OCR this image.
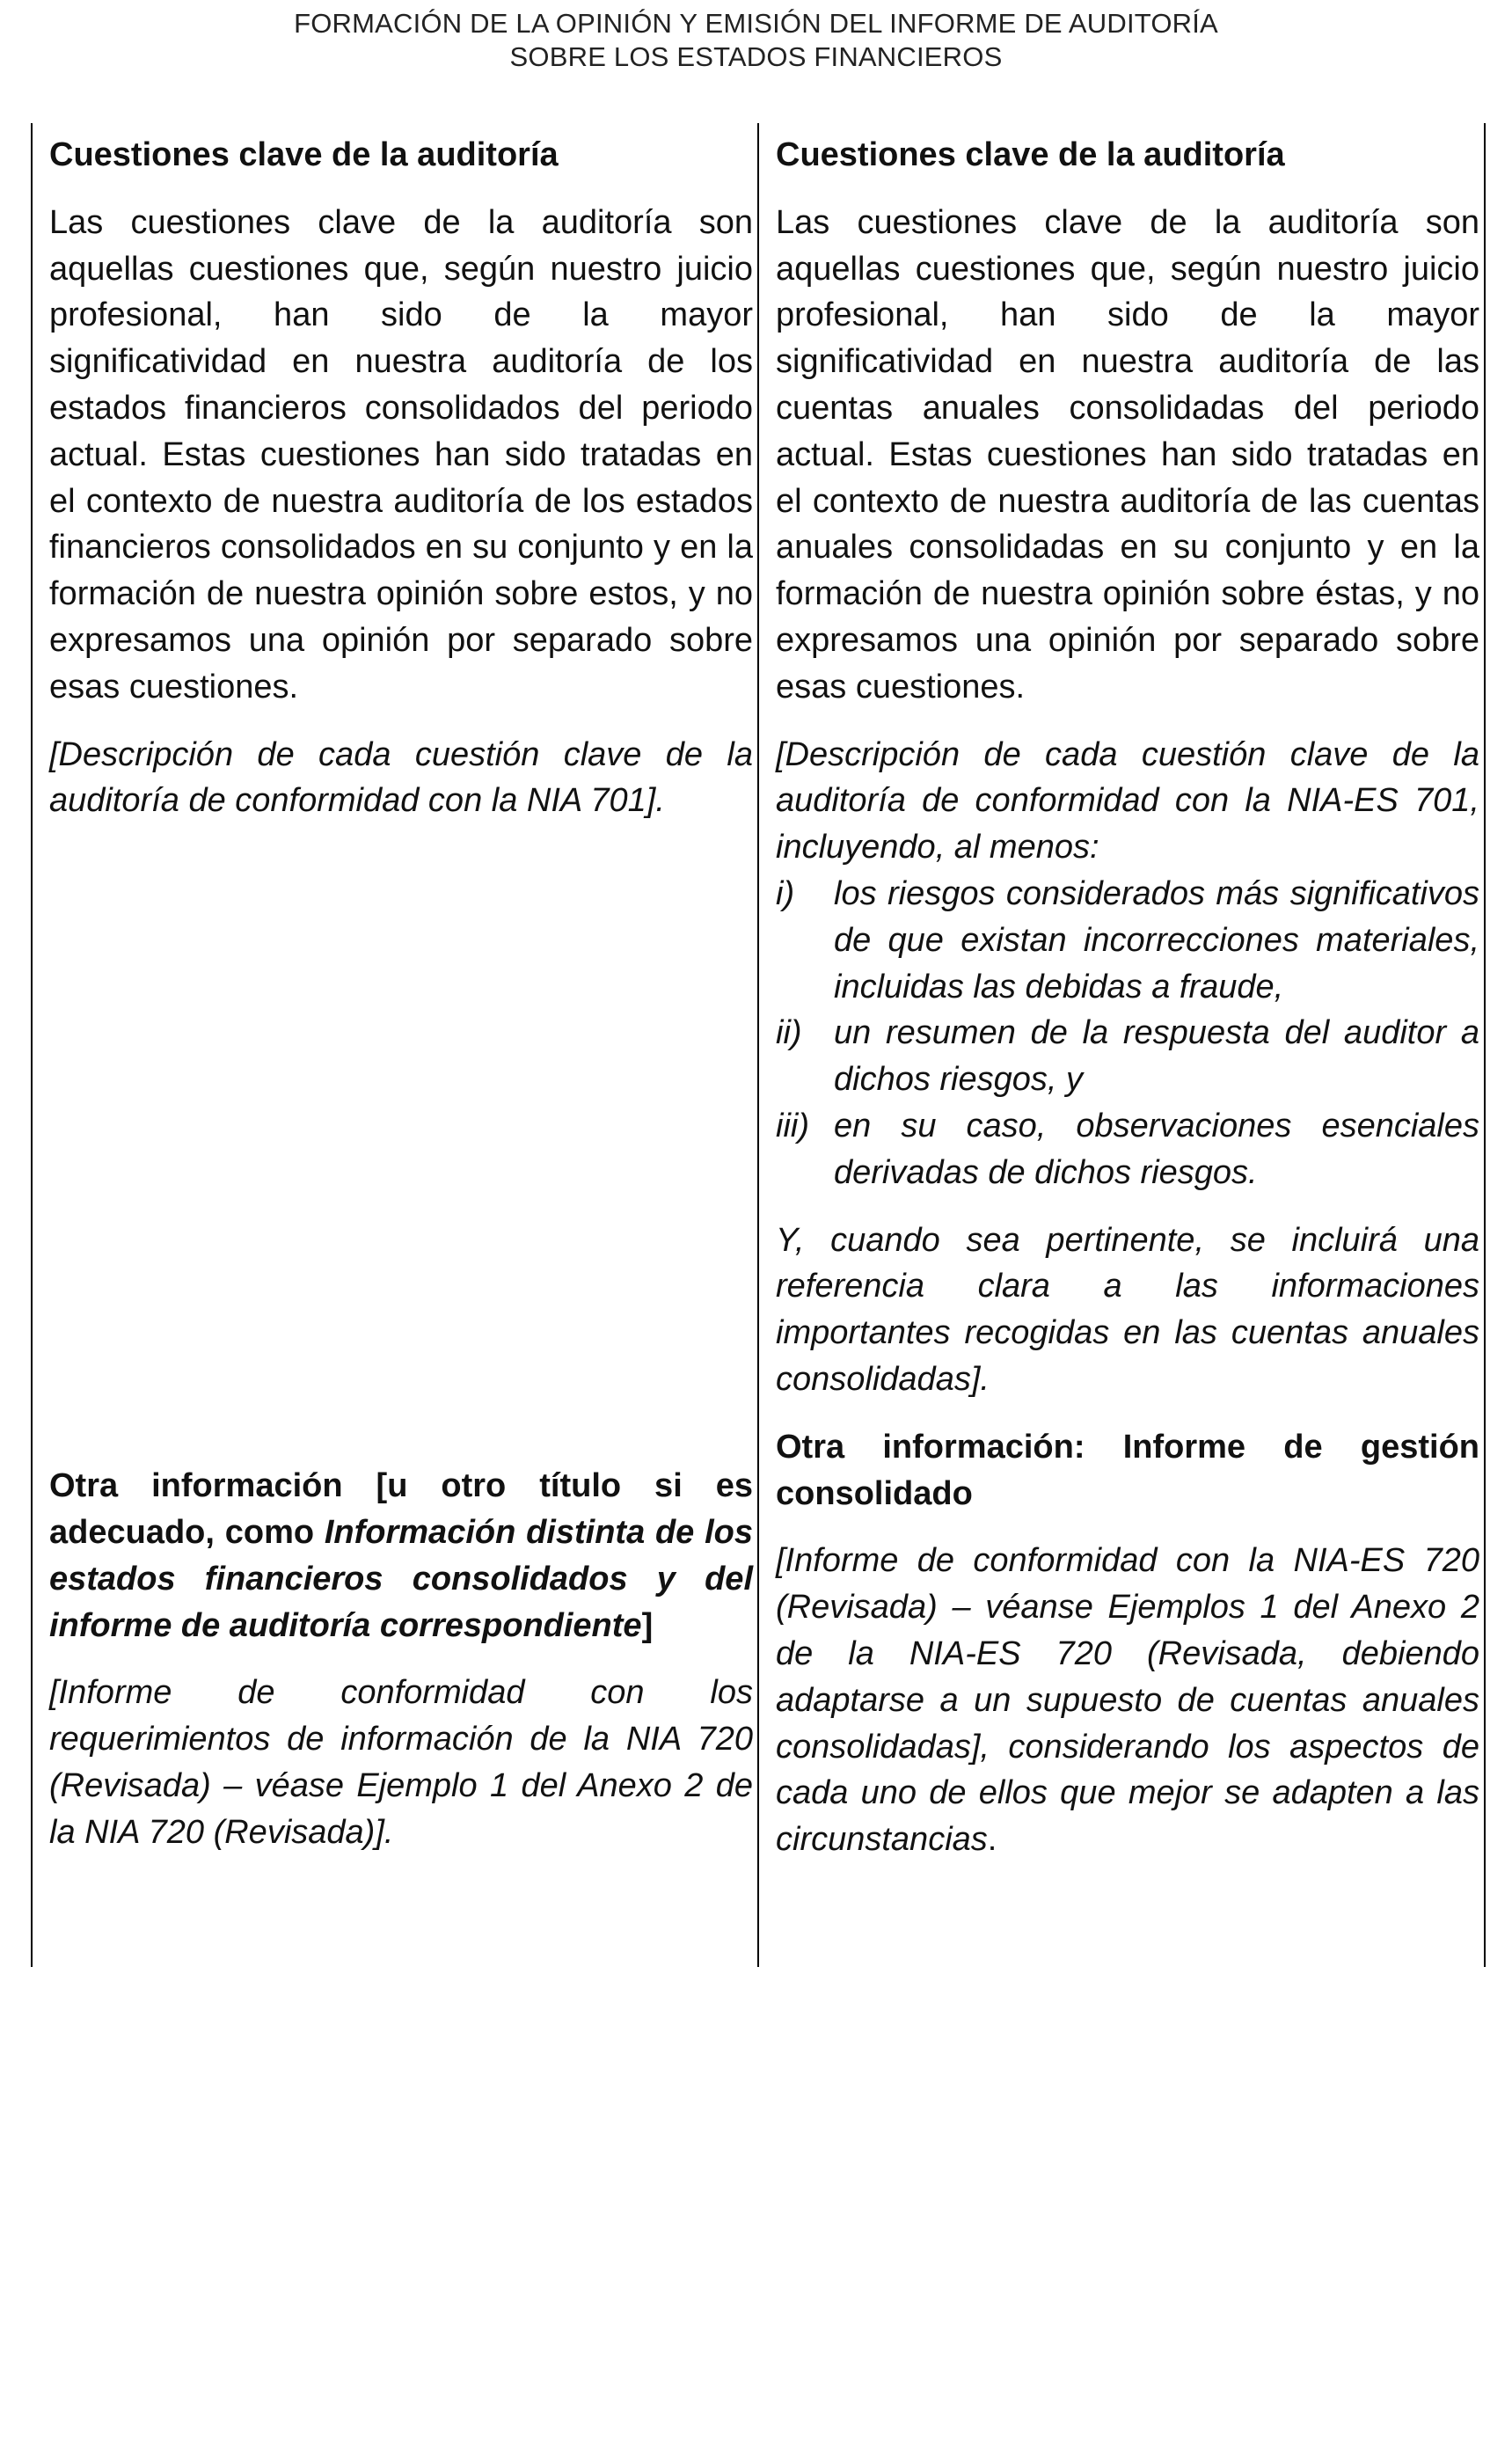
FORMACIÓN DE LA OPINIÓN Y EMISIÓN DEL INFORME DE AUDITORÍA
SOBRE LOS ESTADOS FINANCIEROS

Cuestiones clave de la auditoría

Las cuestiones clave de la auditoría son aquellas cuestiones que, según nuestro juicio profesional, han sido de la mayor significatividad en nuestra auditoría de los estados financieros consolidados del periodo actual. Estas cuestiones han sido tratadas en el contexto de nuestra auditoría de los estados financieros consolidados en su conjunto y en la formación de nuestra opinión sobre estos, y no expresamos una opinión por separado sobre esas cuestiones.

[Descripción de cada cuestión clave de la auditoría de conformidad con la NIA 701].

Otra información [u otro título si es adecuado, como Información distinta de los estados financieros consolidados y del informe de auditoría correspondiente]

[Informe de conformidad con los requerimientos de información de la NIA 720 (Revisada) – véase Ejemplo 1 del Anexo 2 de la NIA 720 (Revisada)].

Cuestiones clave de la auditoría

Las cuestiones clave de la auditoría son aquellas cuestiones que, según nuestro juicio profesional, han sido de la mayor significatividad en nuestra auditoría de las cuentas anuales consolidadas del periodo actual. Estas cuestiones han sido tratadas en el contexto de nuestra auditoría de las cuentas anuales consolidadas en su conjunto y en la formación de nuestra opinión sobre éstas, y no expresamos una opinión por separado sobre esas cuestiones.

[Descripción de cada cuestión clave de la auditoría de conformidad con la NIA-ES 701, incluyendo, al menos:

i) los riesgos considerados más significativos de que existan incorrecciones materiales, incluidas las debidas a fraude,
ii) un resumen de la respuesta del auditor a dichos riesgos, y
iii) en su caso, observaciones esenciales derivadas de dichos riesgos.

Y, cuando sea pertinente, se incluirá una referencia clara a las informaciones importantes recogidas en las cuentas anuales consolidadas].

Otra información: Informe de gestión consolidado

[Informe de conformidad con la NIA-ES 720 (Revisada) – véanse Ejemplos 1 del Anexo 2 de la NIA-ES 720 (Revisada, debiendo adaptarse a un supuesto de cuentas anuales consolidadas], considerando los aspectos de cada uno de ellos que mejor se adapten a las circunstancias.
